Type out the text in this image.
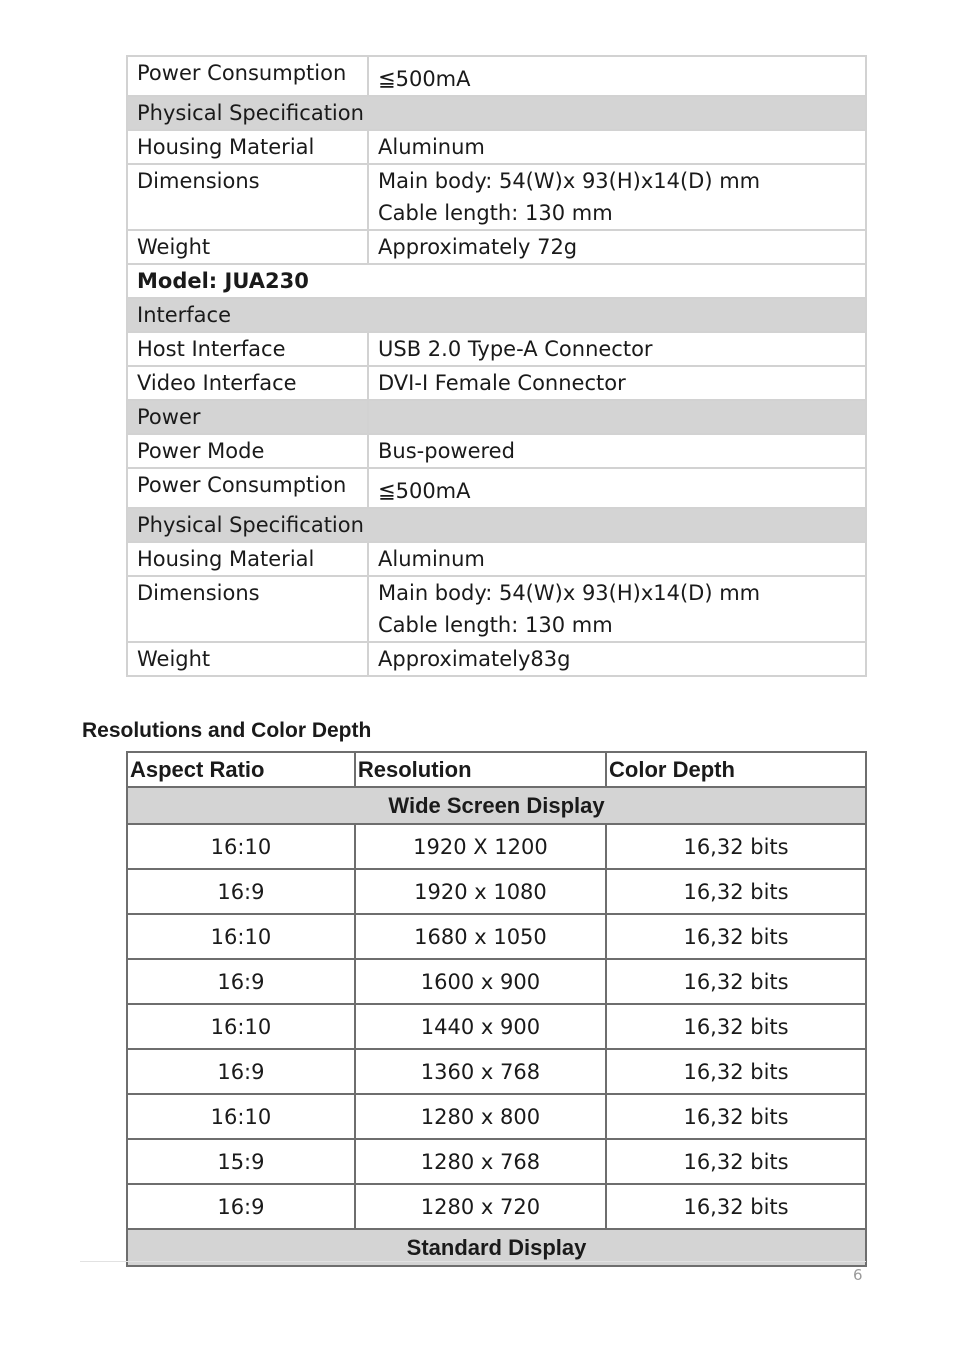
Power Consumption	≦500mA

Physical Specification	
Housing Material	Aluminum

Dimensions	Main body: 54(W)x 93(H)x14(D) mm
Cable length: 130 mm

Weight	Approximately 72g

Model: JUA230	
Interface	
Host Interface	USB 2.0 Type-A Connector

Video Interface	DVI-I Female Connector

Power	
Power Mode	Bus-powered

Power Consumption	≦500mA

Physical Specification	
Housing Material	Aluminum

Dimensions	Main body: 54(W)x 93(H)x14(D) mm
Cable length: 130 mm

Weight	Approximately83g
Resolutions and Color Depth
Aspect Ratio	Resolution	Color Depth
Wide Screen Display		
16:10	1920 X 1200	16,32 bits
16:9	1920 x 1080	16,32 bits
16:10	1680 x 1050	16,32 bits
16:9	1600 x 900	16,32 bits
16:10	1440 x 900	16,32 bits
16:9	1360 x 768	16,32 bits
16:10	1280 x 800	16,32 bits
15:9	1280 x 768	16,32 bits
16:9	1280 x 720	16,32 bits
Standard Display		
6
